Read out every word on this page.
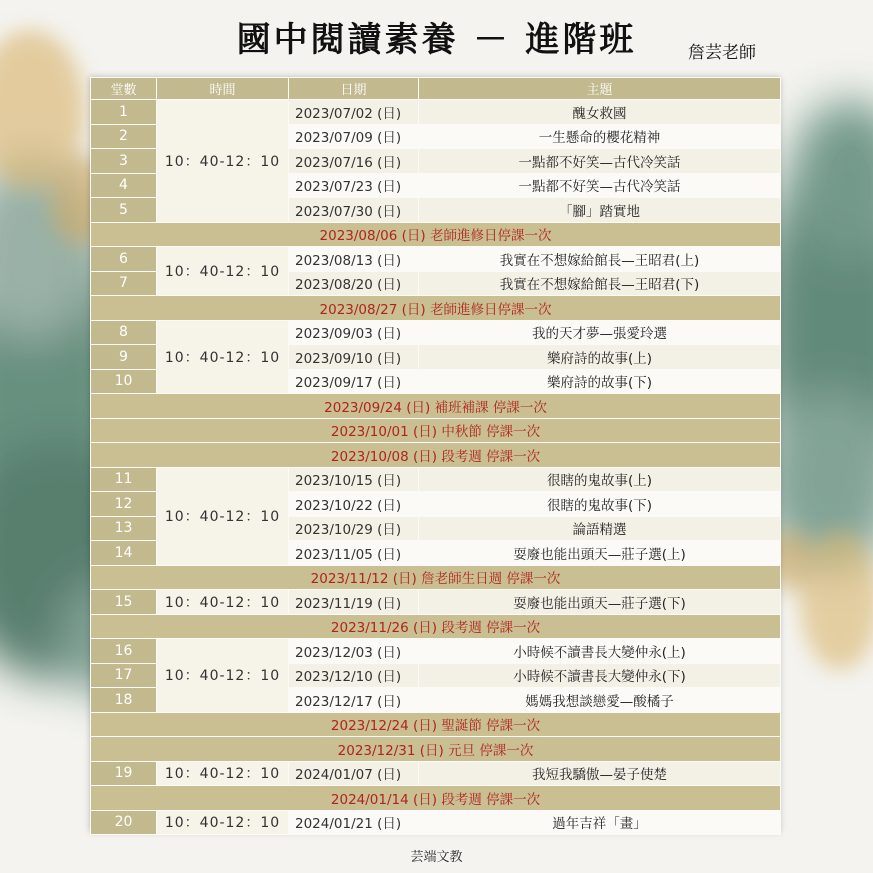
國中閱讀素養 － 進階班	詹芸老師
堂數	時間	日期	主題
1	10：40-12：10	2023/07/02 (日)	醜女救國
2		2023/07/09 (日)	一生懸命的櫻花精神
3		2023/07/16 (日)	一點都不好笑—古代冷笑話
4		2023/07/23 (日)	一點都不好笑—古代冷笑話
5		2023/07/30 (日)	「腳」踏實地
2023/08/06 (日) 老師進修日停課一次			
6	10：40-12：10	2023/08/13 (日)	我實在不想嫁給館長—王昭君(上)
7		2023/08/20 (日)	我實在不想嫁給館長—王昭君(下)
2023/08/27 (日) 老師進修日停課一次			
8	10：40-12：10	2023/09/03 (日)	我的天才夢—張愛玲選
9		2023/09/10 (日)	樂府詩的故事(上)
10		2023/09/17 (日)	樂府詩的故事(下)
2023/09/24 (日) 補班補課 停課一次			
2023/10/01 (日) 中秋節 停課一次			
2023/10/08 (日) 段考週 停課一次			
11	10：40-12：10	2023/10/15 (日)	很瞎的鬼故事(上)
12		2023/10/22 (日)	很瞎的鬼故事(下)
13		2023/10/29 (日)	論語精選
14		2023/11/05 (日)	耍廢也能出頭天—莊子選(上)
2023/11/12 (日) 詹老師生日週 停課一次			
15	10：40-12：10	2023/11/19 (日)	耍廢也能出頭天—莊子選(下)
2023/11/26 (日) 段考週 停課一次			
16	10：40-12：10	2023/12/03 (日)	小時候不讀書長大變仲永(上)
17		2023/12/10 (日)	小時候不讀書長大變仲永(下)
18		2023/12/17 (日)	媽媽我想談戀愛—酸橘子
2023/12/24 (日) 聖誕節 停課一次			
2023/12/31 (日) 元旦 停課一次			
19	10：40-12：10	2024/01/07 (日)	我短我驕傲—晏子使楚
2024/01/14 (日) 段考週 停課一次			
20	10：40-12：10	2024/01/21 (日)	過年吉祥「畫」
芸端文教
